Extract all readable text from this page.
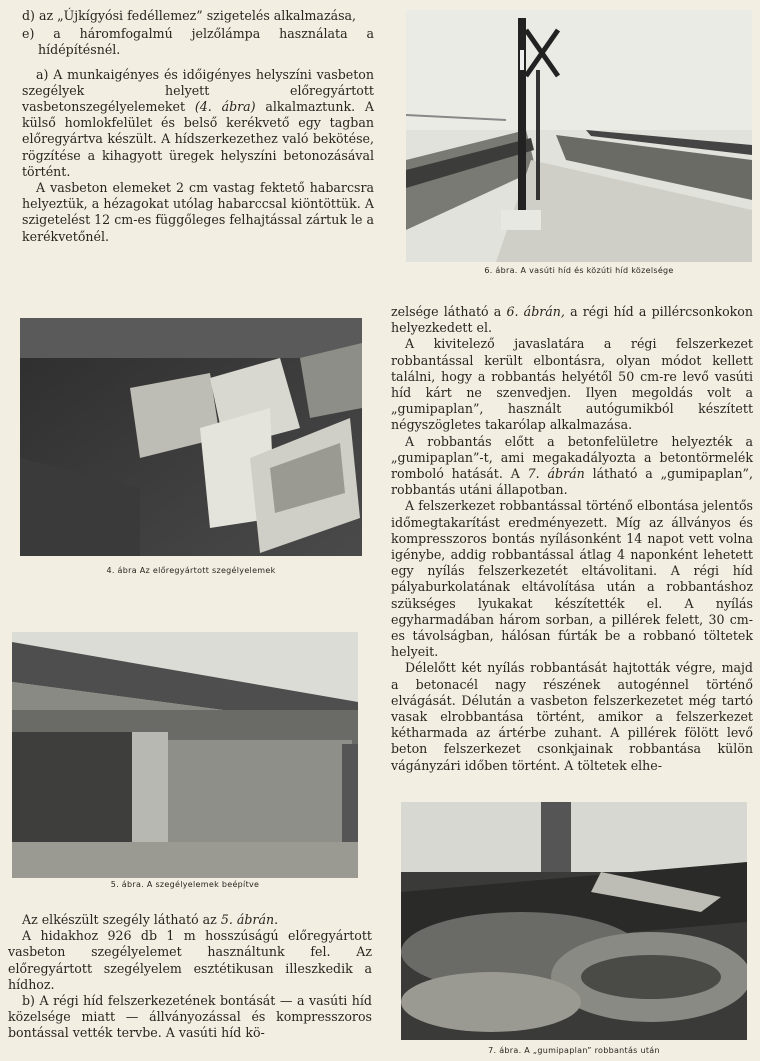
d) az „Újkígyósi fedéllemez” szigetelés alkalmazása,

e) a háromfogalmú jelzőlámpa használata a hídépítésnél.

a) A munkaigényes és időigényes helyszíni vasbeton szegélyek helyett előregyártott vasbetonszegélyelemeket (4. ábra) alkalmaztunk. A külső homlokfelület és belső kerékvető egy tagban előregyártva készült. A hídszerkezethez való bekötése, rögzítése a kihagyott üregek helyszíni betonozásával történt.

A vasbeton elemeket 2 cm vastag fektető habarcsra helyeztük, a hézagokat utólag habarccsal kiöntöttük. A szigetelést 12 cm-es függőleges felhajtással zártuk le a kerékvetőnél.

4. ábra Az előregyártott szegélyelemek
5. ábra. A szegélyelemek beépítve

Az elkészült szegély látható az 5. ábrán.

A hidakhoz 926 db 1 m hosszúságú előregyártott vasbeton szegélyelemet használtunk fel. Az előregyártott szegélyelem esztétikusan illeszkedik a hídhoz.

b) A régi híd felszerkezetének bontását — a vasúti híd közelsége miatt — állványozással és kompresszoros bontással vették tervbe. A vasúti híd kö-

6. ábra. A vasúti híd és közúti híd közelsége

zelsége látható a 6. ábrán, a régi híd a pillércsonkokon helyezkedett el.

A kivitelező javaslatára a régi felszerkezet robbantással került elbontásra, olyan módot kellett találni, hogy a robbantás helyétől 50 cm-re levő vasúti híd kárt ne szenvedjen. Ilyen megoldás volt a „gumipaplan”, használt autógumikból készített négyszögletes takarólap alkalmazása.

A robbantás előtt a betonfelületre helyezték a „gumipaplan”-t, ami megakadályozta a betontörmelék romboló hatását. A 7. ábrán látható a „gumipaplan”, robbantás utáni állapotban.

A felszerkezet robbantással történő elbontása jelentős időmegtakarítást eredményezett. Míg az állványos és kompresszoros bontás nyílásonként 14 napot vett volna igénybe, addig robbantással átlag 4 naponként lehetett egy nyílás felszerkezetét eltávolitani. A régi híd pályaburkolatának eltávolítása után a robbantáshoz szükséges lyukakat készítették el. A nyílás egyharmadában három sorban, a pillérek felett, 30 cm-es távolságban, hálósan fúrták be a robbanó töltetek helyeit.

Délelőtt két nyílás robbantását hajtották végre, majd a betonacél nagy részének autogénnel történő elvágását. Délután a vasbeton felszerkezetet még tartó vasak elrobbantása történt, amikor a felszerkezet kétharmada az ártérbe zuhant. A pillérek fölött levő beton felszerkezet csonkjainak robbantása külön vágányzári időben történt. A töltetek elhe-

7. ábra. A „gumipaplan” robbantás után
